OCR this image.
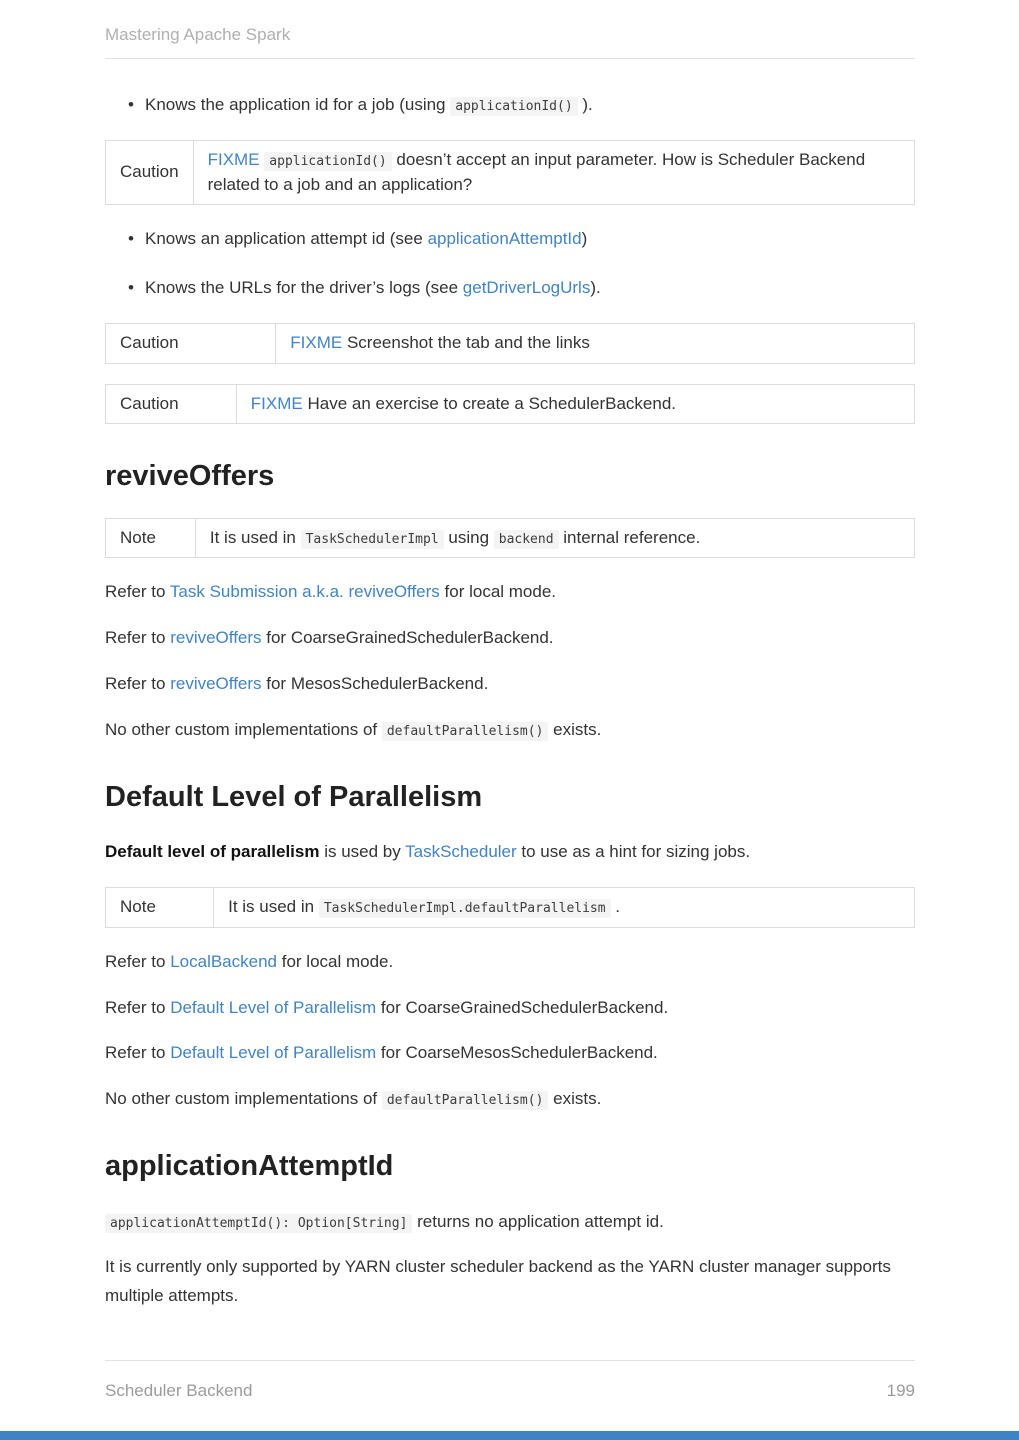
Mastering Apache Spark
•

Knows the application id for a job (using applicationId() ).

Caution	FIXME applicationId() doesn’t accept an input parameter. How is Scheduler Backend related to a job and an application?
•

Knows an application attempt id (see applicationAttemptId)

•

Knows the URLs for the driver’s logs (see getDriverLogUrls).

Caution	FIXME Screenshot the tab and the links
Caution	FIXME Have an exercise to create a SchedulerBackend.
reviveOffers
Note	It is used in TaskSchedulerImpl using backend internal reference.

Refer to Task Submission a.k.a. reviveOffers for local mode.

Refer to reviveOffers for CoarseGrainedSchedulerBackend.

Refer to reviveOffers for MesosSchedulerBackend.

No other custom implementations of defaultParallelism() exists.

Default Level of Parallelism

Default level of parallelism is used by TaskScheduler to use as a hint for sizing jobs.

Note	It is used in TaskSchedulerImpl.defaultParallelism .

Refer to LocalBackend for local mode.

Refer to Default Level of Parallelism for CoarseGrainedSchedulerBackend.

Refer to Default Level of Parallelism for CoarseMesosSchedulerBackend.

No other custom implementations of defaultParallelism() exists.

applicationAttemptId

applicationAttemptId(): Option[String] returns no application attempt id.

It is currently only supported by YARN cluster scheduler backend as the YARN cluster manager supports multiple attempts.

Scheduler Backend	199
